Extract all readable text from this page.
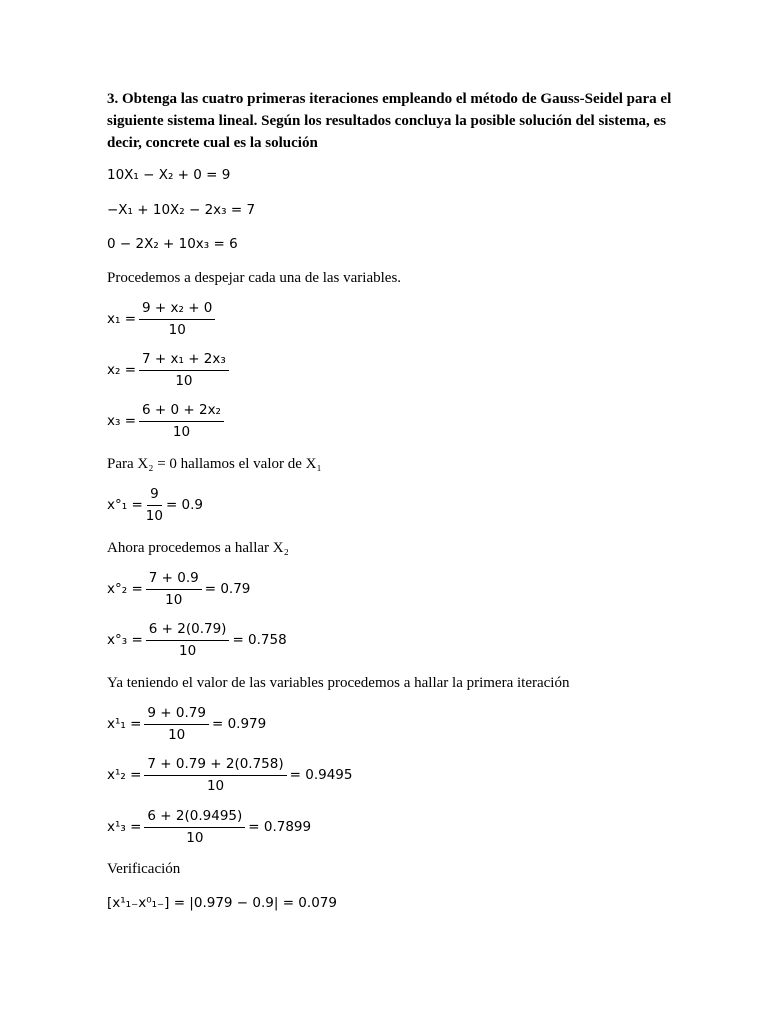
3. Obtenga las cuatro primeras iteraciones empleando el método de Gauss-Seidel para el siguiente sistema lineal. Según los resultados concluya la posible solución del sistema, es decir, concrete cual es la solución

10X₁ − X₂ + 0 = 9
−X₁ + 10X₂ − 2x₃ = 7
0 − 2X₂ + 10x₃ = 6
Procedemos a despejar cada una de las variables.
$x_1 = \frac{\text{9 + x₂ + 0}}{10}$
$x_2 = \frac{\text{7 + x₁ + 2x₃}}{10}$
$x_3 = \frac{\text{6 + 0 + 2x₂}}{10}$
Para X₂ = 0 hallamos el valor de X₁
$x^\circ_1 = \frac{9}{10} = 0.9$
Ahora procedemos a hallar X₂
$x^\circ_2 = \frac{7 + 0.9}{10} = 0.79$
$x^\circ_3 = \frac{6 + 2(0.79)}{10} = 0.758$
Ya teniendo el valor de las variables procedemos a hallar la primera iteración
$x^1_1 = \frac{9 + 0.79}{10} = 0.979$
$x^1_2 = \frac{7 + 0.79 + 2(0.758)}{10} = 0.9495$
$x^1_3 = \frac{6 + 2(0.9495)}{10} = 0.7899$
Verificación
[x¹₁₋x⁰₁₋] = |0.979 − 0.9| = 0.079
